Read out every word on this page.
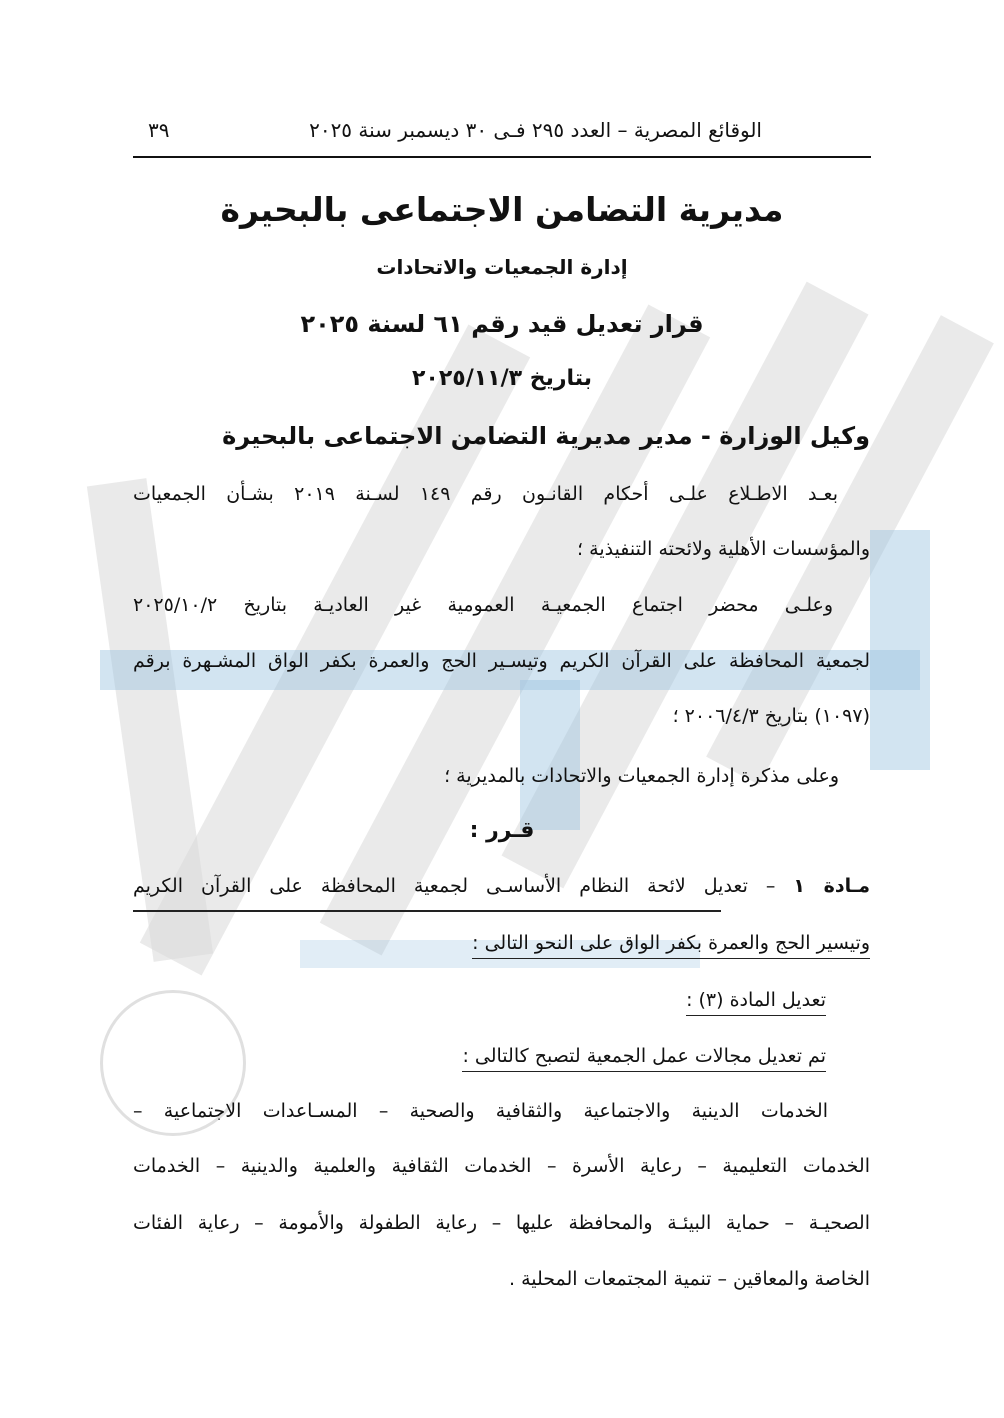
الوقائع المصرية – العدد ٢٩٥ فـى ٣٠ ديسمبر سنة ٢٠٢٥
٣٩
مديرية التضامن الاجتماعى بالبحيرة
إدارة الجمعيات والاتحادات
قرار تعديل قيد رقم ٦١ لسنة ٢٠٢٥
بتاريخ ٢٠٢٥/١١/٣
وكيل الوزارة - مدير مديرية التضامن الاجتماعى بالبحيرة
بعـد الاطـلاع علـى أحكام القانـون رقم ١٤٩ لسـنة ٢٠١٩ بشـأن الجمعيات
والمؤسسات الأهلية ولائحته التنفيذية ؛
وعلـى محضر اجتماع الجمعيـة العمومية غير العاديـة بتاريخ ٢٠٢٥/١٠/٢
لجمعية المحافظة على القرآن الكريم وتيسـير الحج والعمرة بكفر الواق المشـهرة برقم
(١٠٩٧) بتاريخ ٢٠٠٦/٤/٣ ؛
وعلى مذكرة إدارة الجمعيات والاتحادات بالمديرية ؛
قـرر :
مـادة ١ – تعديل لائحة النظام الأساسـى لجمعية المحافظة على القرآن الكريم
وتيسير الحج والعمرة بكفر الواق على النحو التالى :
تعديل المادة (٣) :
تم تعديل مجالات عمل الجمعية لتصبح كالتالى :
الخدمات الدينية والاجتماعية والثقافية والصحية – المسـاعدات الاجتماعية –
الخدمات التعليمية – رعاية الأسرة – الخدمات الثقافية والعلمية والدينية – الخدمات
الصحيـة – حماية البيئـة والمحافظة عليها – رعاية الطفولة والأمومة – رعاية الفئات
الخاصة والمعاقين – تنمية المجتمعات المحلية .
